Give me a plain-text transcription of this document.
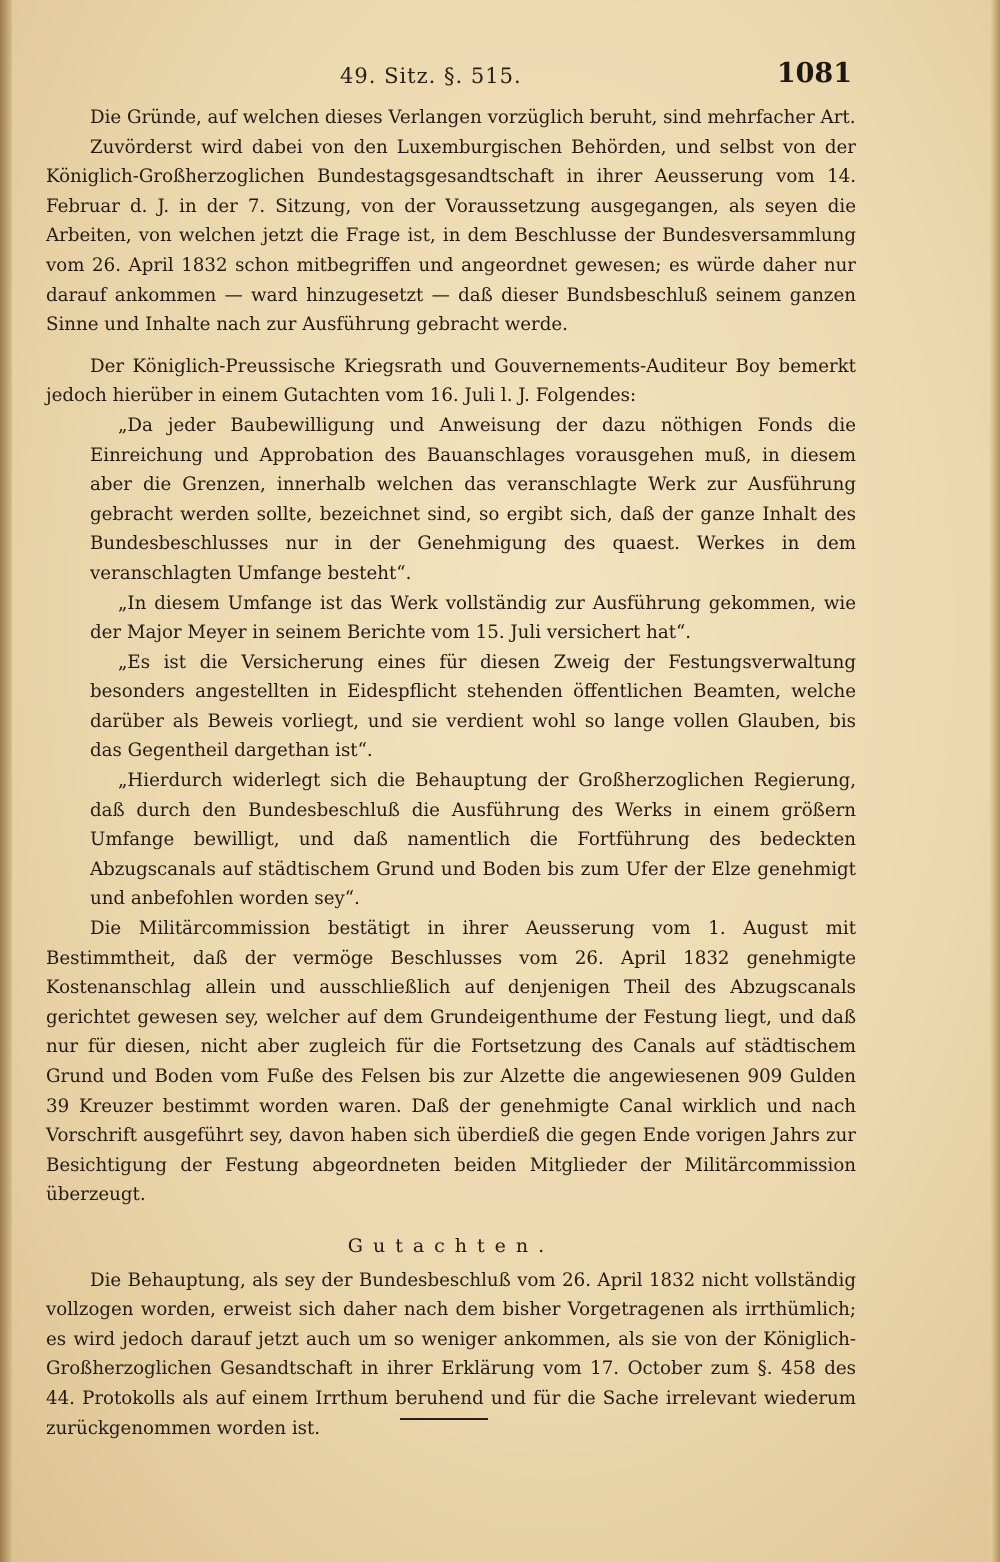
49. Sitz. §. 515.	1081

Die Gründe, auf welchen dieses Verlangen vorzüglich beruht, sind mehrfacher Art.

Zuvörderst wird dabei von den Luxemburgischen Behörden, und selbst von der Königlich-Großherzoglichen Bundestagsgesandtschaft in ihrer Aeusserung vom 14. Februar d. J. in der 7. Sitzung, von der Voraussetzung ausgegangen, als seyen die Arbeiten, von welchen jetzt die Frage ist, in dem Beschlusse der Bundesversammlung vom 26. April 1832 schon mitbegriffen und angeordnet gewesen; es würde daher nur darauf ankommen — ward hinzugesetzt — daß dieser Bundsbeschluß seinem ganzen Sinne und Inhalte nach zur Ausführung gebracht werde.

Der Königlich-Preussische Kriegsrath und Gouvernements-Auditeur Boy bemerkt jedoch hierüber in einem Gutachten vom 16. Juli l. J. Folgendes:

„Da jeder Baubewilligung und Anweisung der dazu nöthigen Fonds die Einreichung und Approbation des Bauanschlages vorausgehen muß, in diesem aber die Grenzen, innerhalb welchen das veranschlagte Werk zur Ausführung gebracht werden sollte, bezeichnet sind, so ergibt sich, daß der ganze Inhalt des Bundesbeschlusses nur in der Genehmigung des quaest. Werkes in dem veranschlagten Umfange besteht“.

„In diesem Umfange ist das Werk vollständig zur Ausführung gekommen, wie der Major Meyer in seinem Berichte vom 15. Juli versichert hat“.

„Es ist die Versicherung eines für diesen Zweig der Festungsverwaltung besonders angestellten in Eidespflicht stehenden öffentlichen Beamten, welche darüber als Beweis vorliegt, und sie verdient wohl so lange vollen Glauben, bis das Gegentheil dargethan ist“.

„Hierdurch widerlegt sich die Behauptung der Großherzoglichen Regierung, daß durch den Bundesbeschluß die Ausführung des Werks in einem größern Umfange bewilligt, und daß namentlich die Fortführung des bedeckten Abzugscanals auf städtischem Grund und Boden bis zum Ufer der Elze genehmigt und anbefohlen worden sey“.

Die Militärcommission bestätigt in ihrer Aeusserung vom 1. August mit Bestimmtheit, daß der vermöge Beschlusses vom 26. April 1832 genehmigte Kostenanschlag allein und ausschließlich auf denjenigen Theil des Abzugscanals gerichtet gewesen sey, welcher auf dem Grundeigenthume der Festung liegt, und daß nur für diesen, nicht aber zugleich für die Fortsetzung des Canals auf städtischem Grund und Boden vom Fuße des Felsen bis zur Alzette die angewiesenen 909 Gulden 39 Kreuzer bestimmt worden waren. Daß der genehmigte Canal wirklich und nach Vorschrift ausgeführt sey, davon haben sich überdieß die gegen Ende vorigen Jahrs zur Besichtigung der Festung abgeordneten beiden Mitglieder der Militärcommission überzeugt.

Gutachten.

Die Behauptung, als sey der Bundesbeschluß vom 26. April 1832 nicht vollständig vollzogen worden, erweist sich daher nach dem bisher Vorgetragenen als irrthümlich; es wird jedoch darauf jetzt auch um so weniger ankommen, als sie von der Königlich-Großherzoglichen Gesandtschaft in ihrer Erklärung vom 17. October zum §. 458 des 44. Protokolls als auf einem Irrthum beruhend und für die Sache irrelevant wiederum zurückgenommen worden ist.
